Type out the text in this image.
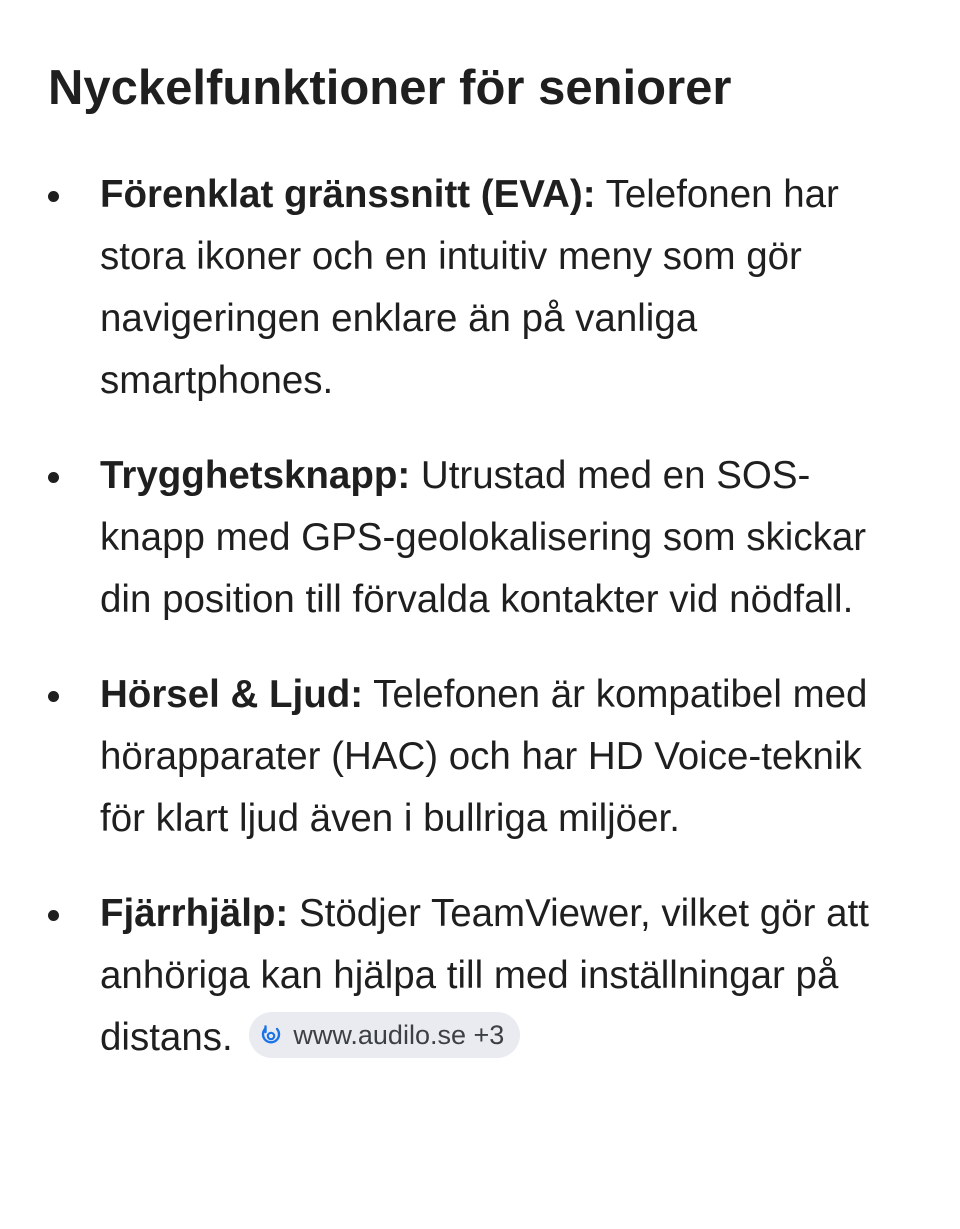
Nyckelfunktioner för seniorer
Förenklat gränssnitt (EVA): Telefonen har stora ikoner och en intuitiv meny som gör navigeringen enklare än på vanliga smartphones.
Trygghetsknapp: Utrustad med en SOS-knapp med GPS-geolokalisering som skickar din position till förvalda kontakter vid nödfall.
Hörsel & Ljud: Telefonen är kompatibel med hörapparater (HAC) och har HD Voice-teknik för klart ljud även i bullriga miljöer.
Fjärrhjälp: Stödjer TeamViewer, vilket gör att anhöriga kan hjälpa till med inställningar på distans. www.audilo.se +3
